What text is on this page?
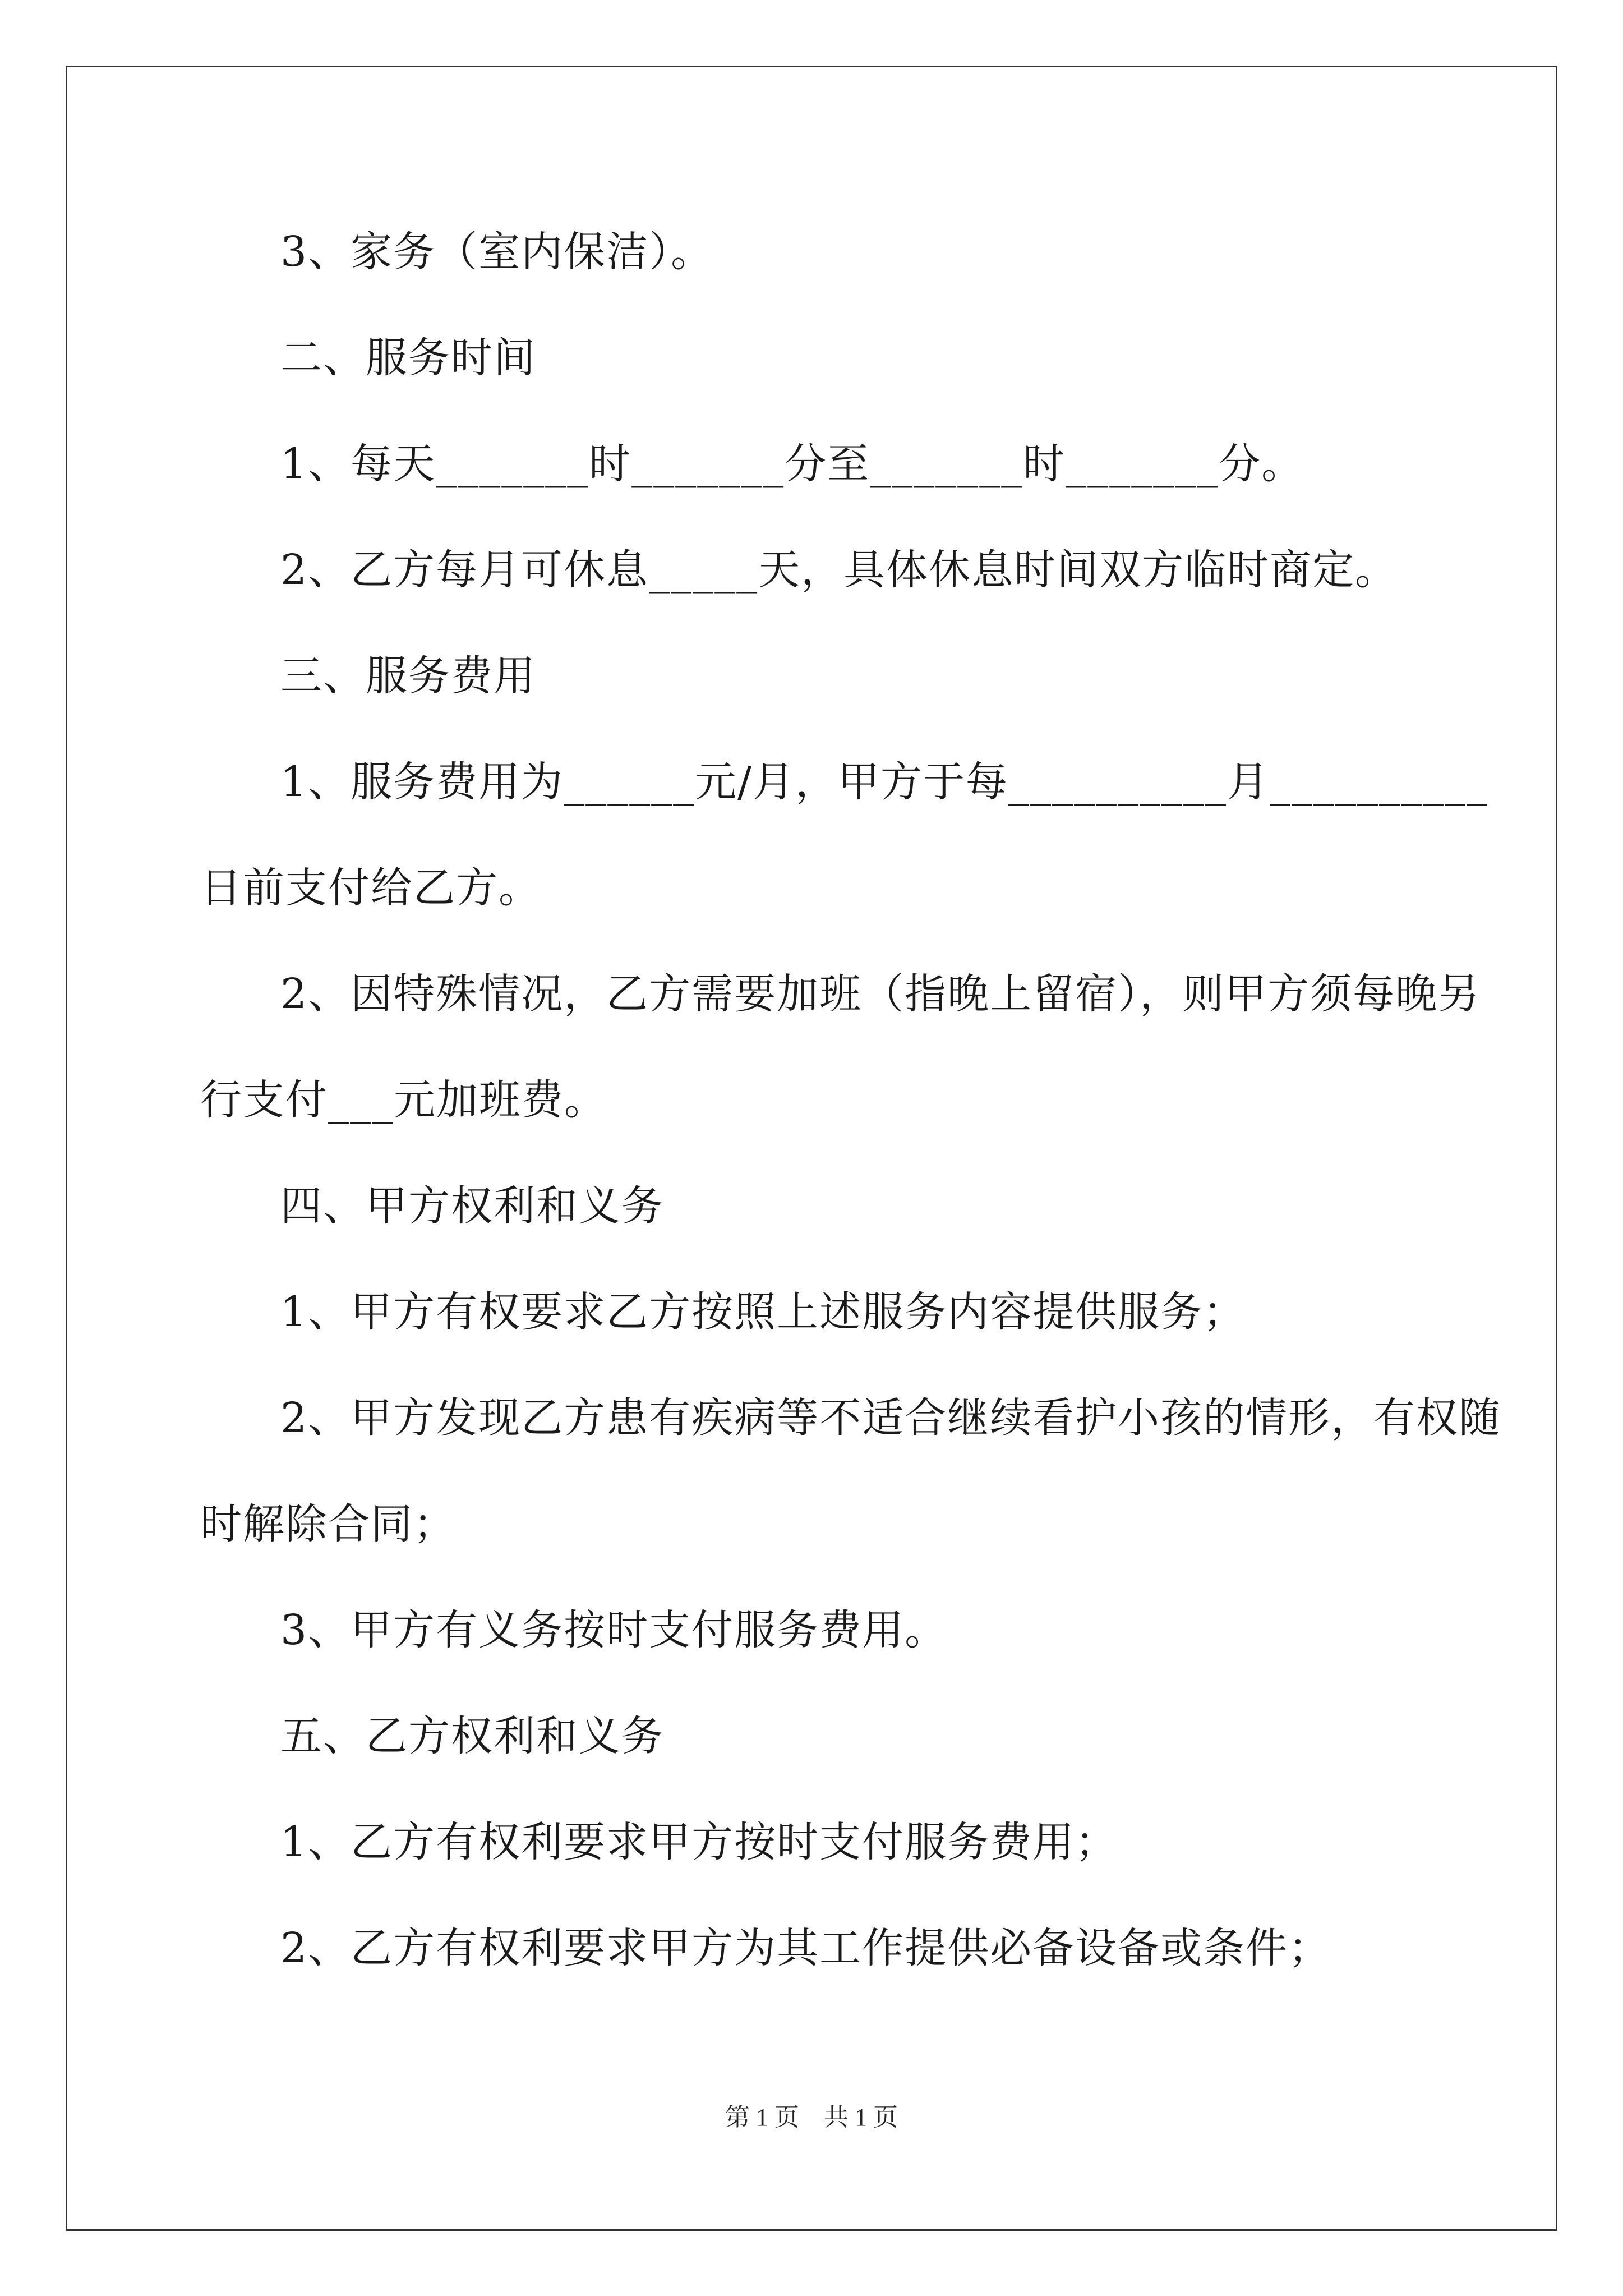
3、家务（室内保洁）。
二、服务时间
1、每天_______时_______分至_______时_______分。
2、乙方每月可休息_____天，具体休息时间双方临时商定。
三、服务费用
1、服务费用为______元/月，甲方于每__________月__________
日前支付给乙方。
2、因特殊情况，乙方需要加班（指晚上留宿），则甲方须每晚另
行支付___元加班费。
四、甲方权利和义务
1、甲方有权要求乙方按照上述服务内容提供服务；
2、甲方发现乙方患有疾病等不适合继续看护小孩的情形，有权随
时解除合同；
3、甲方有义务按时支付服务费用。
五、乙方权利和义务
1、乙方有权利要求甲方按时支付服务费用；
2、乙方有权利要求甲方为其工作提供必备设备或条件；
第 1 页　共 1 页
